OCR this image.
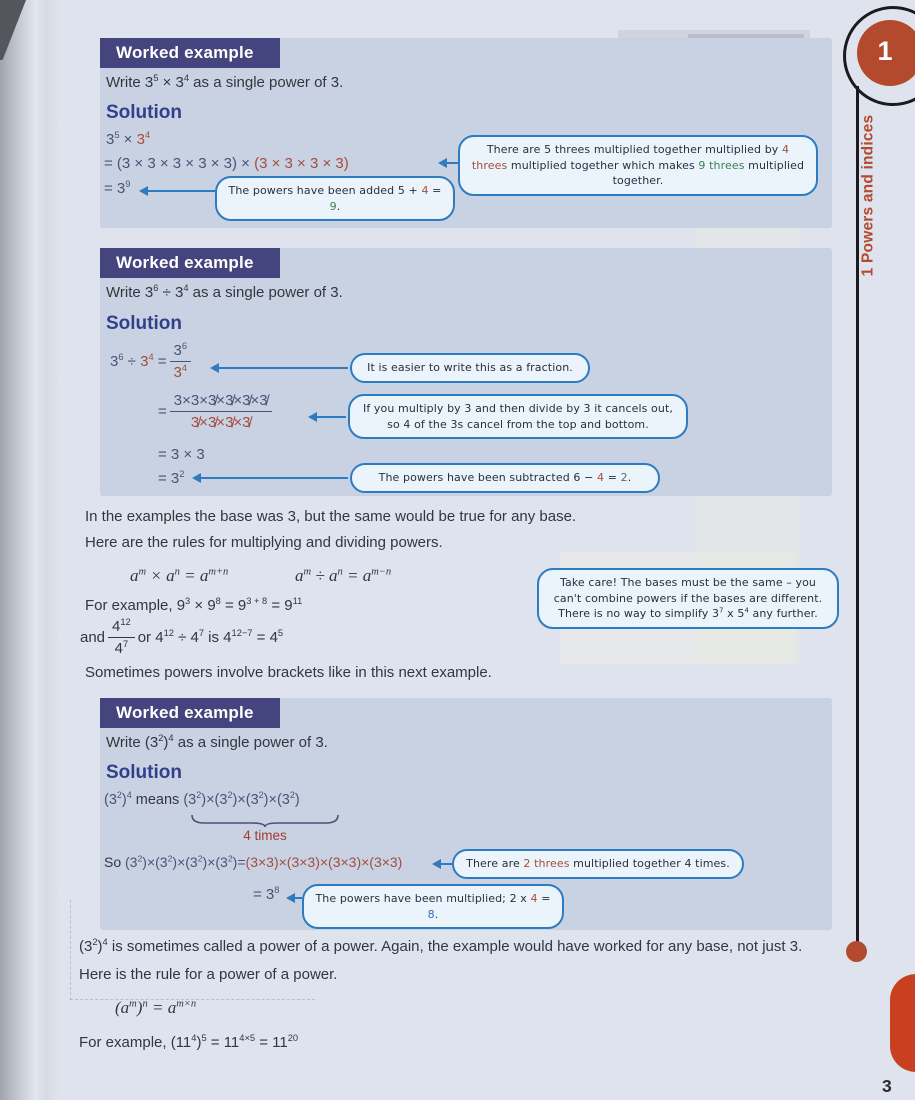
Worked example
Write $3^5 \times 3^4$ as a single power of 3.
Solution
$3^5 \times 3^4$
= (3 × 3 × 3 × 3 × 3) × (3 × 3 × 3 × 3)
= $3^9$
There are 5 threes multiplied together multiplied by 4 threes multiplied together which makes 9 threes multiplied together.
The powers have been added 5 + 4 = 9.
Worked example
Write $3^6 \div 3^4$ as a single power of 3.
Solution
$3^6 \div 3^4 = \frac{3^6}{3^4}$	It is easier to write this as a fraction.
= $\frac{3\times 3\times 3̸\times 3̸\times 3̸\times 3̸}{3̸\times 3̸\times 3̸\times 3̸}$	If you multiply by 3 and then divide by 3 it cancels out, so 4 of the 3s cancel from the top and bottom.
= 3 × 3
= $3^2$	The powers have been subtracted 6 − 4 = 2.
In the examples the base was 3, but the same would be true for any base.
Here are the rules for multiplying and dividing powers.
$a^m \times a^n = a^{m+n}$	$a^m \div a^n = a^{m-n}$
Take care! The bases must be the same – you can't combine powers if the bases are different. There is no way to simplify $3^7$ x $5^4$ any further.
For example, $9^3 \times 9^8 = 9^{3 + 8} = 9^{11}$
and $\frac{4^{12}}{4^7}$ or $4^{12} \div 4^7$ is $4^{12-7} = 4^5$
Sometimes powers involve brackets like in this next example.
Worked example
Write $(3^2)^4$ as a single power of 3.
Solution
$(3^2)^4$ means $(3^2)\times(3^2)\times(3^2)\times(3^2)$
4 times
So $(3^2)\times(3^2)\times(3^2)\times(3^2)=(3\times 3)\times(3\times 3)\times(3\times 3)\times(3\times 3)$	There are 2 threes multiplied together 4 times.
= $3^8$
The powers have been multiplied; 2 x 4 = 8.
$(3^2)^4$ is sometimes called a power of a power. Again, the example would have worked for any base, not just 3.
Here is the rule for a power of a power.
$(a^m)^n = a^{m\times n}$
For example, $(11^4)^5 = 11^{4\times 5} = 11^{20}$
1
1 Powers and indices
3
